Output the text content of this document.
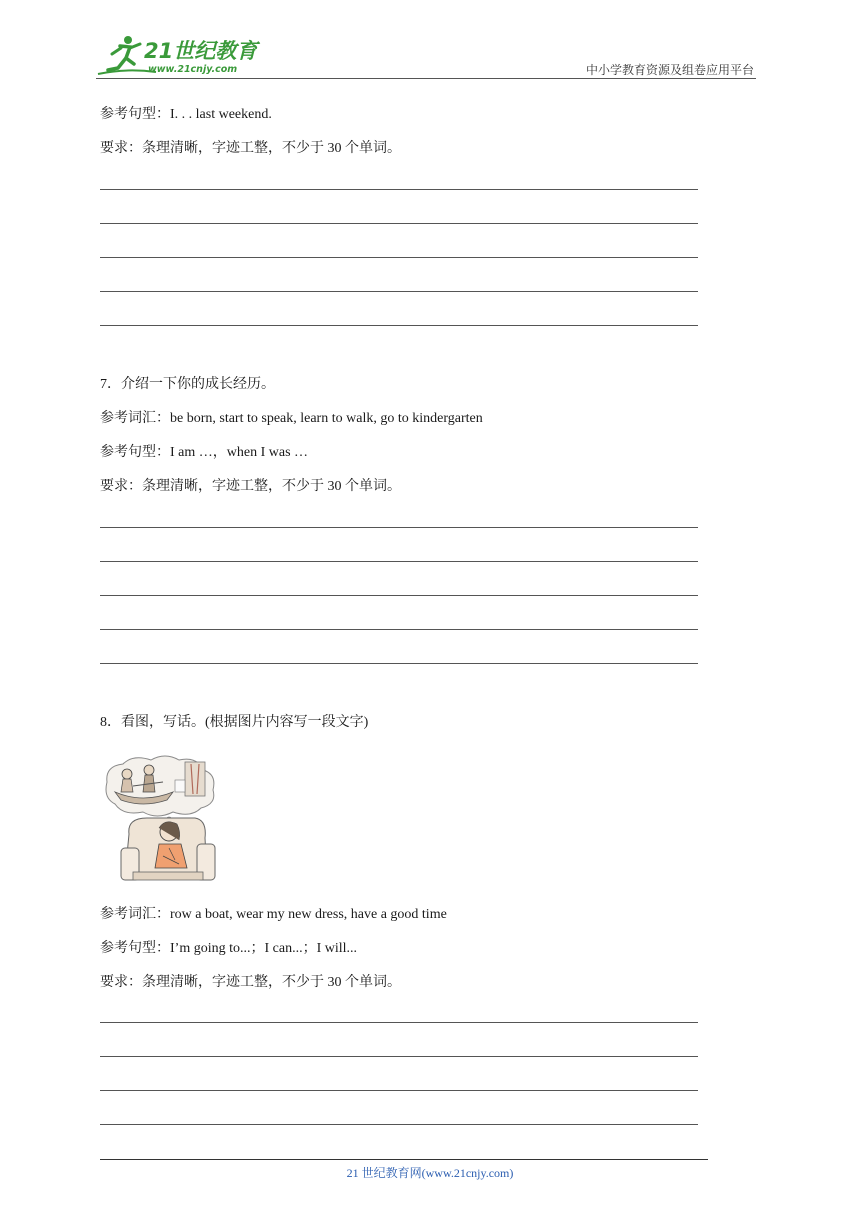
21世纪教育
www.21cnjy.com	中小学教育资源及组卷应用平台
参考句型：I. . . last weekend.
要求：条理清晰，字迹工整，不少于 30 个单词。
7．介绍一下你的成长经历。
参考词汇：be born, start to speak, learn to walk, go to kindergarten
参考句型：I am …，when I was …
要求：条理清晰，字迹工整，不少于 30 个单词。
8．看图，写话。(根据图片内容写一段文字)
参考词汇：row a boat, wear my new dress, have a good time
参考句型：I’m going to...；I can...；I will...
要求：条理清晰，字迹工整，不少于 30 个单词。
21 世纪教育网(www.21cnjy.com)
